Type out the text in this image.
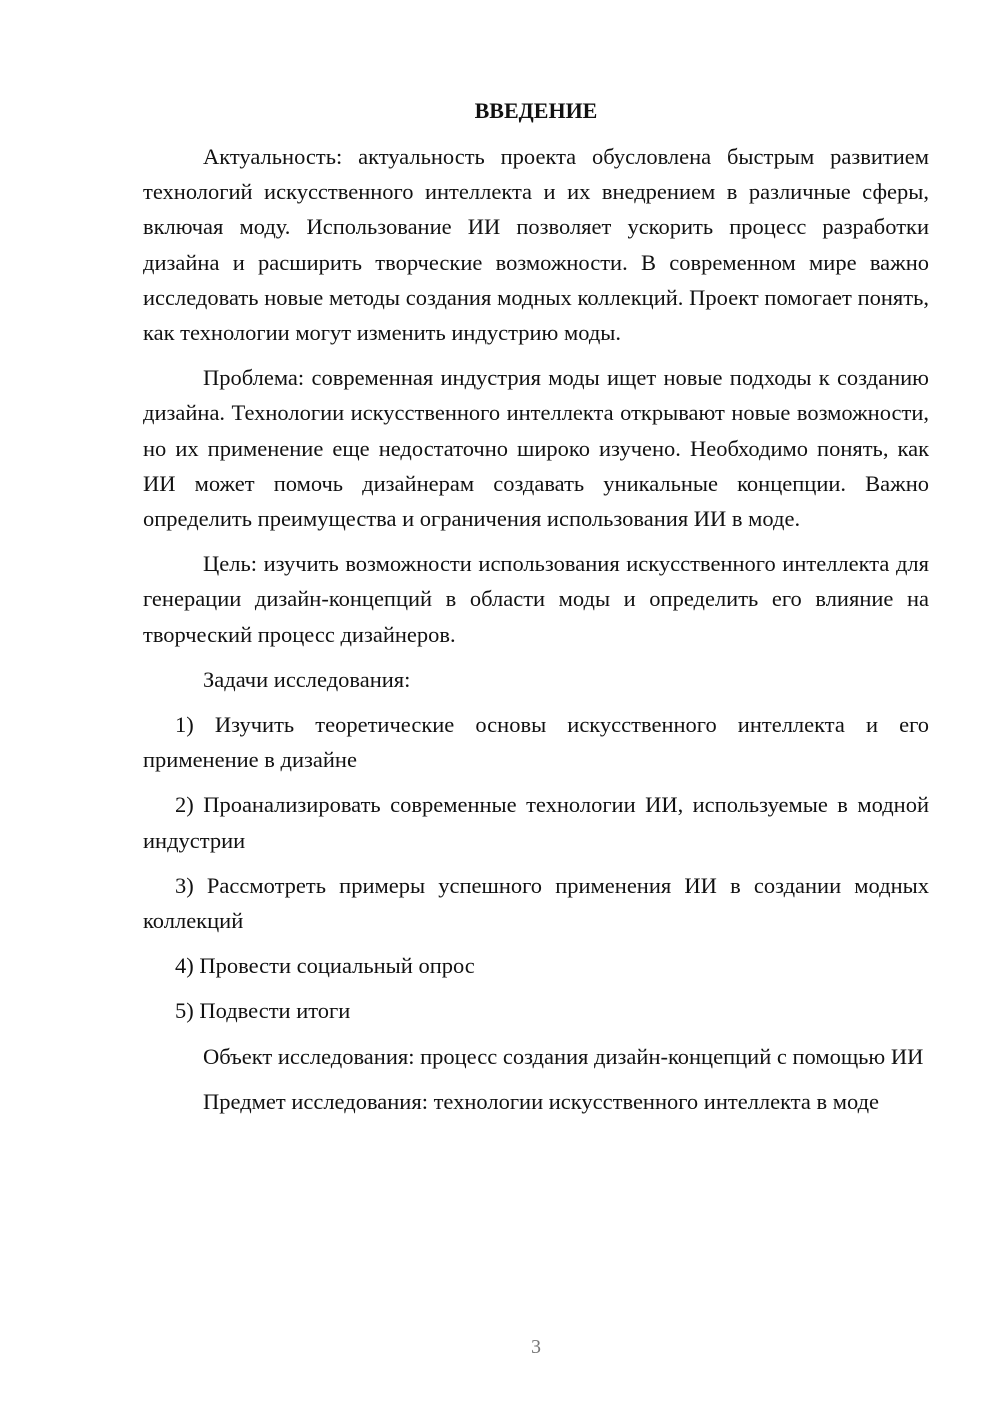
ВВЕДЕНИЕ

Актуальность: актуальность проекта обусловлена быстрым развитием технологий искусственного интеллекта и их внедрением в различные сферы, включая моду. Использование ИИ позволяет ускорить процесс разработки дизайна и расширить творческие возможности. В современном мире важно исследовать новые методы создания модных коллекций. Проект помогает понять, как технологии могут изменить индустрию моды.

Проблема: современная индустрия моды ищет новые подходы к созданию дизайна. Технологии искусственного интеллекта открывают новые возможности, но их применение еще недостаточно широко изучено. Необходимо понять, как ИИ может помочь дизайнерам создавать уникальные концепции. Важно определить преимущества и ограничения использования ИИ в моде.

Цель: изучить возможности использования искусственного интеллекта для генерации дизайн-концепций в области моды и определить его влияние на творческий процесс дизайнеров.

Задачи исследования:

1) Изучить теоретические основы искусственного интеллекта и его применение в дизайне

2) Проанализировать современные технологии ИИ, используемые в модной индустрии

3) Рассмотреть примеры успешного применения ИИ в создании модных коллекций

4) Провести социальный опрос

5) Подвести итоги

Объект исследования: процесс создания дизайн-концепций с помощью ИИ

Предмет исследования: технологии искусственного интеллекта в моде

3
